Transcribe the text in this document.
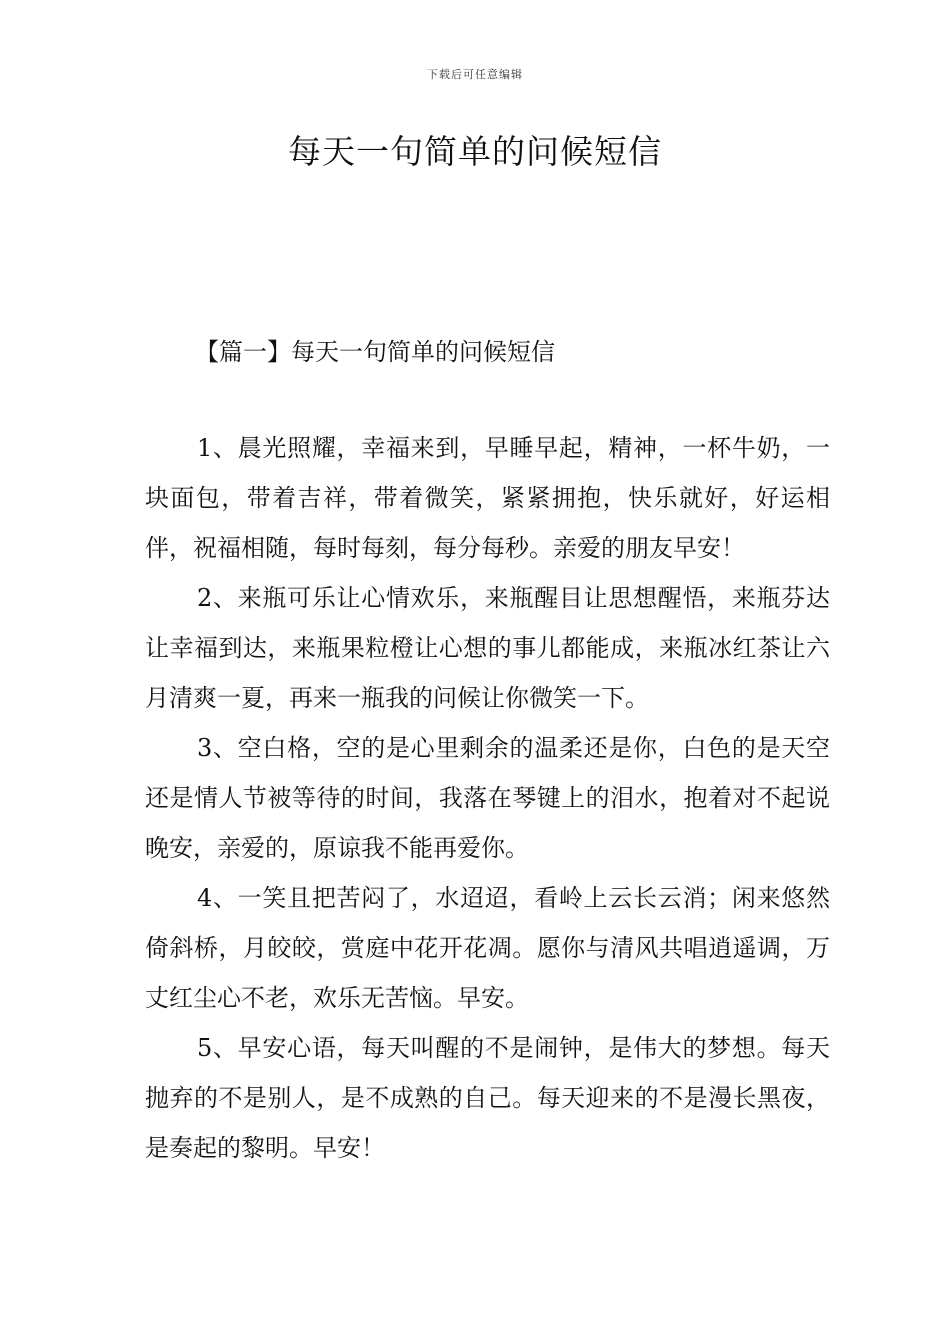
下载后可任意编辑
每天一句简单的问候短信
【篇一】每天一句简单的问候短信

1、晨光照耀，幸福来到，早睡早起，精神，一杯牛奶，一块面包，带着吉祥，带着微笑，紧紧拥抱，快乐就好，好运相伴，祝福相随，每时每刻，每分每秒。亲爱的朋友早安！

2、来瓶可乐让心情欢乐，来瓶醒目让思想醒悟，来瓶芬达让幸福到达，来瓶果粒橙让心想的事儿都能成，来瓶冰红茶让六月清爽一夏，再来一瓶我的问候让你微笑一下。

3、空白格，空的是心里剩余的温柔还是你，白色的是天空还是情人节被等待的时间，我落在琴键上的泪水，抱着对不起说晚安，亲爱的，原谅我不能再爱你。

4、一笑且把苦闷了，水迢迢，看岭上云长云消；闲来悠然倚斜桥，月皎皎，赏庭中花开花凋。愿你与清风共唱逍遥调，万丈红尘心不老，欢乐无苦恼。早安。

5、早安心语，每天叫醒的不是闹钟，是伟大的梦想。每天抛弃的不是别人，是不成熟的自己。每天迎来的不是漫长黑夜，是奏起的黎明。早安！
